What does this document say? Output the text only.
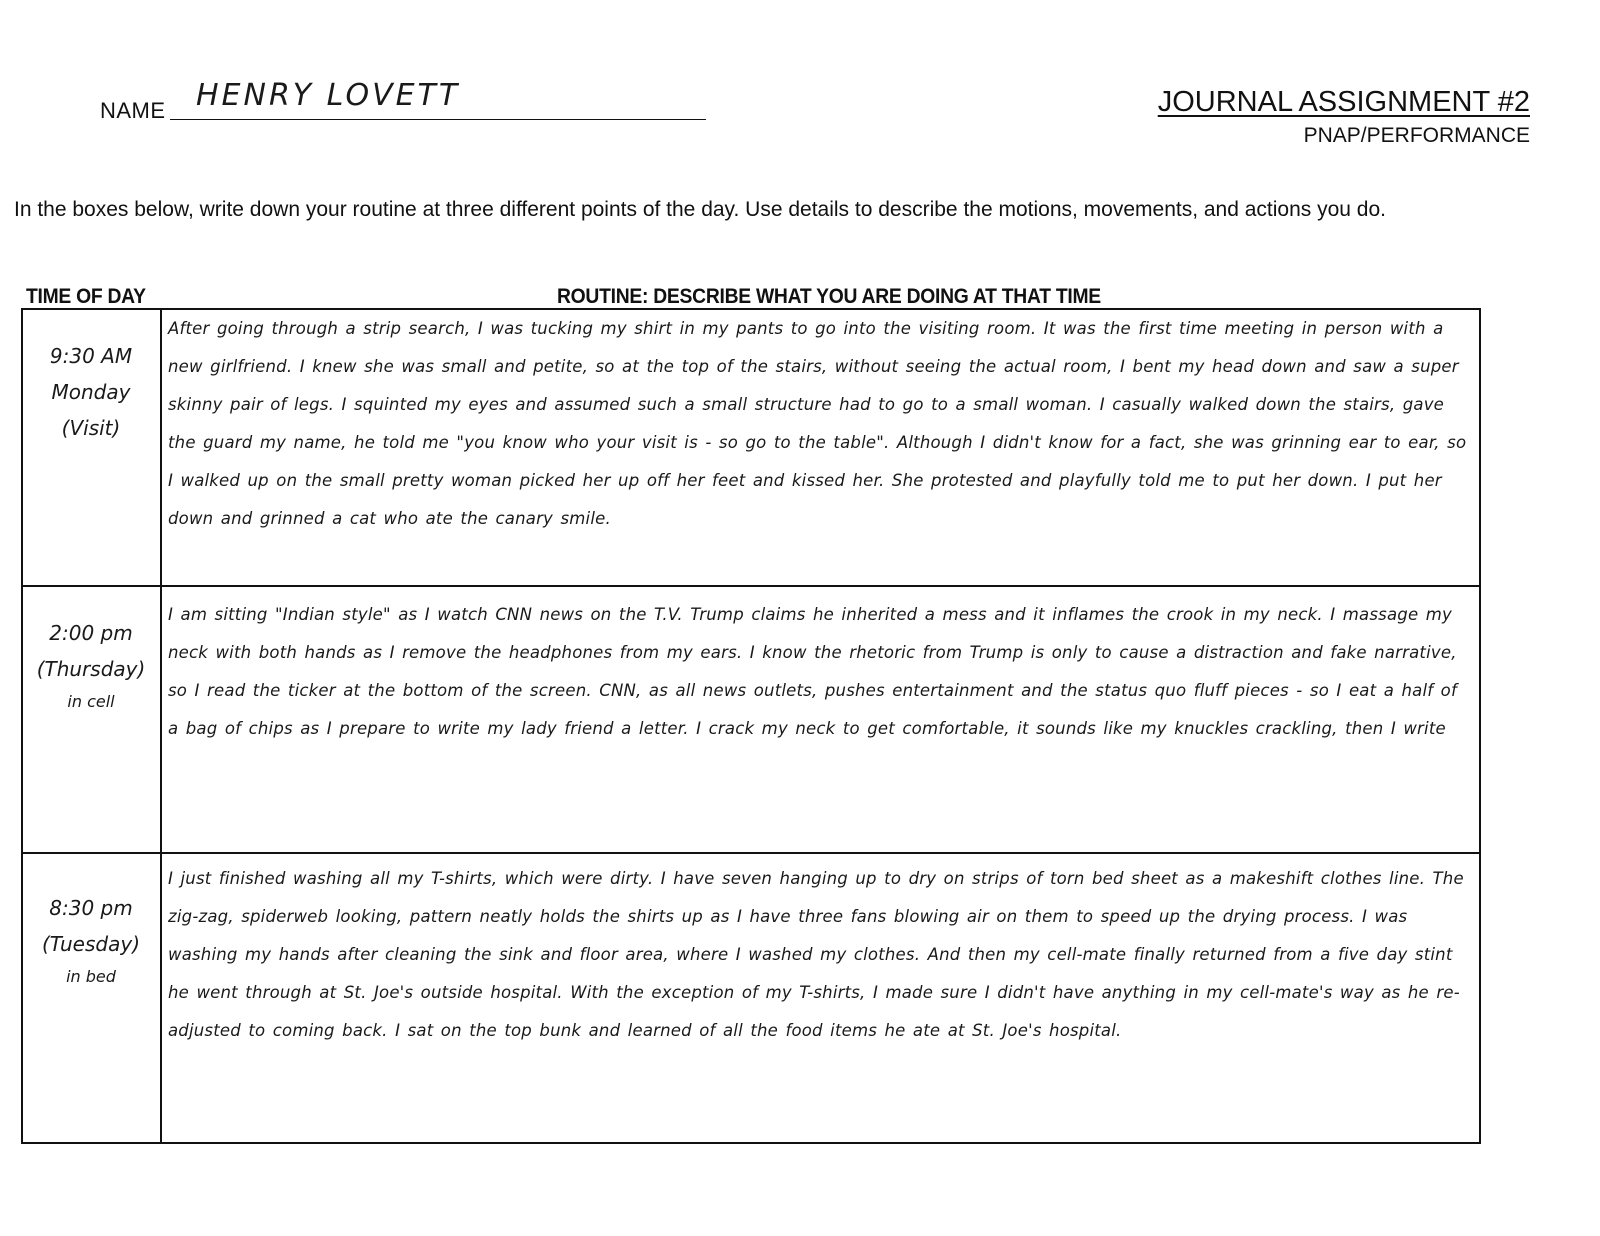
NAME HENRY LOVETT	JOURNAL ASSIGNMENT #2
PNAP/PERFORMANCE
In the boxes below, write down your routine at three different points of the day. Use details to describe the motions, movements, and actions you do.
TIME OF DAY	ROUTINE: DESCRIBE WHAT YOU ARE DOING AT THAT TIME
9:30 AM
Monday
(Visit)
After going through a strip search, I was tucking my shirt in my pants to go into the visiting room. It was the first time meeting in person with a new girlfriend. I knew she was small and petite, so at the top of the stairs, without seeing the actual room, I bent my head down and saw a super skinny pair of legs. I squinted my eyes and assumed such a small structure had to go to a small woman. I casually walked down the stairs, gave the guard my name, he told me "you know who your visit is - so go to the table". Although I didn't know for a fact, she was grinning ear to ear, so I walked up on the small pretty woman picked her up off her feet and kissed her. She protested and playfully told me to put her down. I put her down and grinned a cat who ate the canary smile.
2:00 pm
(Thursday)
in cell
I am sitting "Indian style" as I watch CNN news on the T.V. Trump claims he inherited a mess and it inflames the crook in my neck. I massage my neck with both hands as I remove the headphones from my ears. I know the rhetoric from Trump is only to cause a distraction and fake narrative, so I read the ticker at the bottom of the screen. CNN, as all news outlets, pushes entertainment and the status quo fluff pieces - so I eat a half of a bag of chips as I prepare to write my lady friend a letter. I crack my neck to get comfortable, it sounds like my knuckles crackling, then I write
8:30 pm
(Tuesday)
in bed
I just finished washing all my T-shirts, which were dirty. I have seven hanging up to dry on strips of torn bed sheet as a makeshift clothes line. The zig-zag, spiderweb looking, pattern neatly holds the shirts up as I have three fans blowing air on them to speed up the drying process. I was washing my hands after cleaning the sink and floor area, where I washed my clothes. And then my cell-mate finally returned from a five day stint he went through at St. Joe's outside hospital. With the exception of my T-shirts, I made sure I didn't have anything in my cell-mate's way as he re-adjusted to coming back. I sat on the top bunk and learned of all the food items he ate at St. Joe's hospital.
